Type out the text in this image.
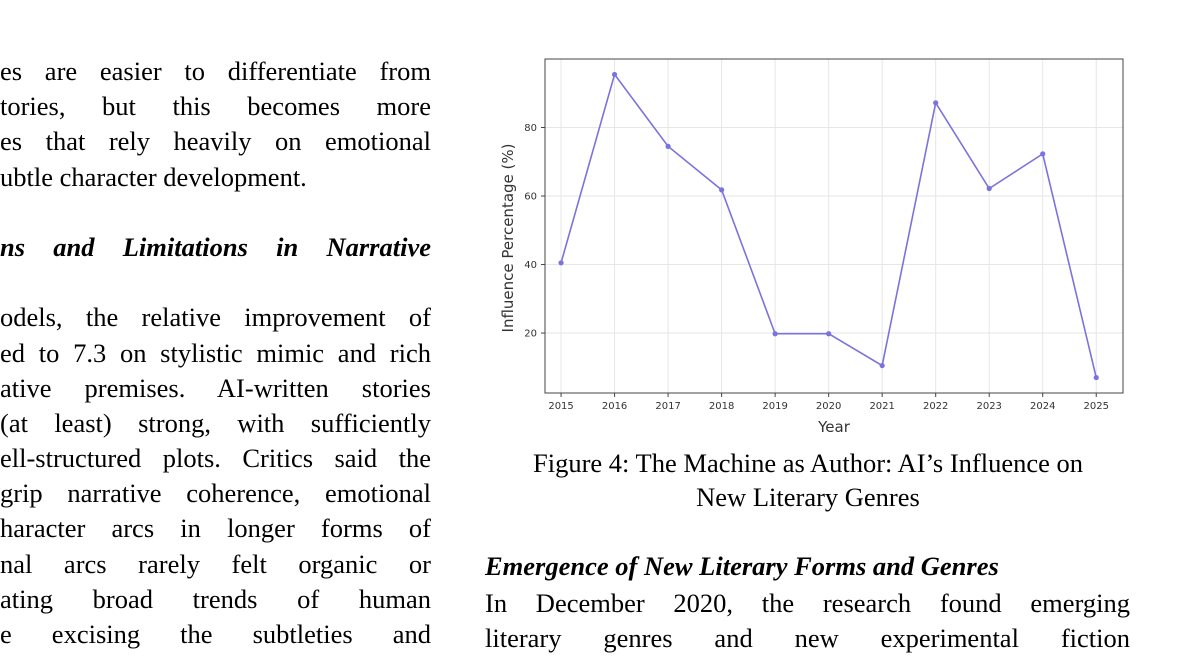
es are easier to differentiate from
tories, but this becomes more
es that rely heavily on emotional
ubtle character development.
ns and Limitations in Narrative
odels, the relative improvement of
ed to 7.3 on stylistic mimic and rich
ative premises. AI-written stories
(at least) strong, with sufficiently
ell-structured plots. Critics said the
grip narrative coherence, emotional
haracter arcs in longer forms of
nal arcs rarely felt organic or
ating broad trends of human
e excising the subtleties and
2015	2016	2017	2018	2019	2020	2021	2022	2023	2024	2025
20
40
60
80
Year
Influence Percentage (%)
Figure 4: The Machine as Author: AI’s Influence on
New Literary Genres
Emergence of New Literary Forms and Genres
In December 2020, the research found emerging
literary genres and new experimental fiction
